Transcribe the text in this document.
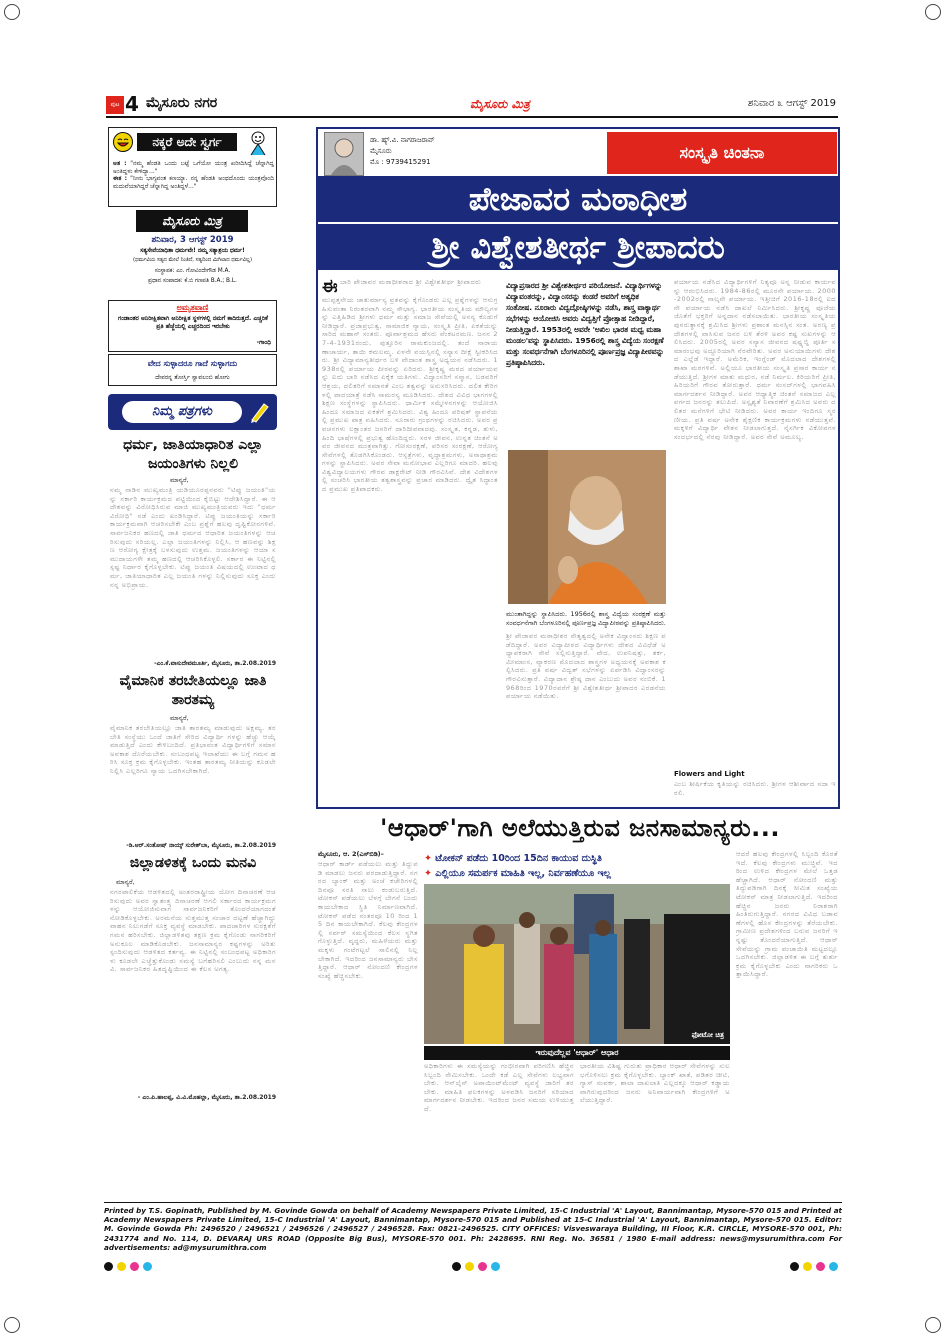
ಪುಟ 4 ಮೈಸೂರು ನಗರ	ಮೈಸೂರು ಮಿತ್ರ	ಶನಿವಾರ ೩ ಆಗಸ್ಟ್ 2019
ನಕ್ಕರೆ ಅದೇ ಸ್ವರ್ಗ
ಅತ : "ನಮ್ಮ ಹೆಂಡತಿ ಒಂದು ಬಟ್ಟೆ ಒಗೆಯೋ ಯಂತ್ರ ಖರೀದಿಸಿದ್ದೆ ಚೆನ್ನಾಗಿದ್ದ ಅಂತಿದ್ದಳು ಕೇಳಿದ್ಯಾ..."
ಈತ : "ನೀನು ಭಾಗ್ಯವಂತ ಕಣಯ್ಯಾ. ನನ್ನ ಹೆಂಡತಿ ಅಂಥದೊಂದು ಯಂತ್ರವೊಂದಿ ಮದುವೆಯಾಗಿದ್ದರೆ ಚೆನ್ನಾಗಿದ್ದ ಅಂತಿದ್ದಳೆ..."
ಮೈಸೂರು ಮಿತ್ರ
ಶನಿವಾರ, 3 ಆಗಸ್ಟ್ 2019
ಸತ್ಯಸೇವೆಯಾಧಿತಾ ಧರ್ಮವೇ! ನಮ್ಮ ಸತ್ಯಾಶ್ರಯ ಧರ್ಮ!
(ಧರ್ಮವಿಯ ಸತ್ಯದ ಮೇಲೆ ನಿಂತಿದೆ, ಸತ್ಯದಿಂದ ಮಿಗಿಲಾದ ಧರ್ಮವಿಲ್ಲ)
ಸಂಸ್ಥಾಪಕ: ಎಂ. ಗೋವಿಂದೇಗೌಡ M.A.
ಪ್ರಧಾನ ಸಂಪಾದಕ: ಕೆ.ಬಿ ಗಣಪತಿ B.A.; B.L.
ಅಮೃತವಾಣಿ
ಗಂಡಾಂತರ ಅನಿರೀಕ್ಷಿತವಾಗಿ ಅನಿರೀಕ್ಷಿತ ಸ್ಥಳಗಳಲ್ಲಿ ನಮಗೆ ಕಾದಿರುತ್ತದೆ. ಎಚ್ಚರಿಕೆ ಪ್ರತಿ ಹೆಜ್ಜೆಯಲ್ಲಿ ಎಚ್ಚರದಿಂದ ಇರಬೇಕು
-ಗಾಂಧಿ
ವೇದ ಸುಳ್ಳಾದರೂ ಗಾದೆ ಸುಳ್ಳಾಗದು
ದೇವರನ್ನ ತೋರ್ಸ್ತಿ ಸ್ವಾವಲಂಬಿ ಹೋಗು
ನಿಮ್ಮ ಪತ್ರಗಳು
ಧರ್ಮ, ಜಾತಿಯಾಧಾರಿತ ಎಲ್ಲಾ ಜಯಂತಿಗಳು ನಿಲ್ಲಲಿ
ಮಾನ್ಯರೆ,
ನಮ್ಮ ನಾಡಿನ ಮುಖ್ಯಮಂತ್ರಿ ಯಡಿಯೂರಪ್ಪನವರು "ಟಿಪ್ಪು ಜಯಂತಿ"ಯನ್ನು ಸರ್ಕಾರಿ ಕಾರ್ಯಕ್ರಮದ ಪಟ್ಟಿಯಿಂದ ಕೈಬಿಟ್ಟು ಆದೇಶಿಸಿದ್ದಾರೆ. ಈ ಆದೇಶವನ್ನು ವಿರೋಧಿಸಿರುವ ಮಾಜಿ ಮುಖ್ಯಮಂತ್ರಿಯವರು ಇದು "ಧರ್ಮ ವಿರೋಧಿ" ನಡೆ ಎಂದು ಖಂಡಿಸಿದ್ದಾರೆ. ಟಿಪ್ಪು ಜಯಂತಿಯನ್ನು ಸರ್ಕಾರಿ ಕಾರ್ಯಕ್ರಮವಾಗಿ ಆಚರಿಸಬೇಕೇ ಎಂಬ ಪ್ರಶ್ನೆಗೆ ಹಲವು ದೃಷ್ಟಿಕೋನಗಳಿವೆ. ಸಾರ್ವಜನಿಕರ ಹಣದಲ್ಲಿ ಜಾತಿ ಧರ್ಮದ ಆಧಾರಿತ ಜಯಂತಿಗಳನ್ನು ಆಚರಿಸುವುದು ಸರಿಯಲ್ಲ. ಎಲ್ಲಾ ಜಯಂತಿಗಳನ್ನು ನಿಲ್ಲಿಸಿ, ಆ ಹಣವನ್ನು ಶಿಕ್ಷಣ ಆರೋಗ್ಯ ಕ್ಷೇತ್ರಕ್ಕೆ ಬಳಸುವುದು ಉತ್ತಮ. ಜಯಂತಿಗಳನ್ನು ಆಯಾ ಸಮುದಾಯಗಳೇ ತಮ್ಮ ಹಣದಲ್ಲಿ ಆಚರಿಸಿಕೊಳ್ಳಲಿ. ಸರ್ಕಾರ ಈ ನಿಟ್ಟಿನಲ್ಲಿ ಸ್ಪಷ್ಟ ನಿರ್ಧಾರ ಕೈಗೊಳ್ಳಬೇಕು. ಟಿಪ್ಪು ಜಯಂತಿ ವಿಷಯದಲ್ಲಿ ಉಂಟಾದ ಧರ್ಮ, ಜಾತಿಯಾಧಾರಿತ ಎಲ್ಲ ಜಯಂತಿ ಗಳನ್ನು ನಿಲ್ಲಿಸುವುದು ಸೂಕ್ತ ಎಂದು ನನ್ನ ಅಭಿಪ್ರಾಯ.
-ಎಂ.ಕೆ.ವಾಸುದೇವಮೂರ್ತಿ, ಮೈಸೂರು, ತಾ.2.08.2019
ವೈಮಾನಿಕ ತರಬೇತಿಯಲ್ಲೂ ಜಾತಿ ತಾರತಮ್ಯ
ಮಾನ್ಯರೆ,
ವೈಮಾನಿಕ ತರಬೇತಿಯಲ್ಲೂ ಜಾತಿ ತಾರತಮ್ಯ ಮಾಡುವುದು ಅಕ್ಷಮ್ಯ. ತರಬೇತಿ ಸಂಸ್ಥೆಯು ಒಂದೆ ಜಾತಿಗೆ ಸೇರಿದ ವಿದ್ಯಾರ್ಥಿ ಗಳನ್ನು ಹೆಚ್ಚು ಆಯ್ಕೆ ಮಾಡುತ್ತಿದೆ ಎಂದು ಕೇಳಿಬಂದಿದೆ. ಪ್ರತಿಭಾವಂತ ವಿದ್ಯಾರ್ಥಿಗಳಿಗೆ ಸಮಾನ ಅವಕಾಶ ದೊರೆಯಬೇಕು. ಸಂಬಂಧಪಟ್ಟ ಇಲಾಖೆಯು ಈ ಬಗ್ಗೆ ಗಮನ ಹರಿಸಿ ಸೂಕ್ತ ಕ್ರಮ ಕೈಗೊಳ್ಳಬೇಕು. ಇಂತಹ ತಾರತಮ್ಯ ನೀತಿಯನ್ನು ಕೂಡಲೇ ನಿಲ್ಲಿಸಿ ಎಲ್ಲರಿಗೂ ನ್ಯಾಯ ಒದಗಿಸಬೇಕಾಗಿದೆ.
-ಡಿ.ಆರ್.ಸಂತೋಷ್ ನಾಯ್ಕ್ ಸುರೇಶ್‌ಬಾ, ಮೈಸೂರು, ತಾ.2.08.2019
ಜಿಲ್ಲಾಡಳಿತಕ್ಕೆ ಒಂದು ಮನವಿ
ಮಾನ್ಯರೆ,
ನಗರಪಾಲಿಕೆಯ ಆಡಳಿತದಲ್ಲಿ ಅಂತರರಾಷ್ಟ್ರೀಯ ಯೋಗ ದಿನಾಚರಣೆ ಆಚರಿಸುವುದು ಅವರ ಸ್ವಾತಂತ್ರ್ಯ ದಿನಾಚರಣೆ ಆಗಲಿ ಸರ್ಕಾರದ ಕಾರ್ಯಕ್ರಮಗಳನ್ನು ಆಯೋಜಿಸುವಾಗ ಸಾರ್ವಜನಿಕರಿಗೆ ತೊಂದರೆಯಾಗದಂತೆ ನೋಡಿಕೊಳ್ಳಬೇಕು. ಅರಮನೆಯ ಸುತ್ತಮುತ್ತ ಸಂಚಾರ ದಟ್ಟಣೆ ಹೆಚ್ಚಾಗಿದ್ದು ವಾಹನ ನಿಲುಗಡೆಗೆ ಸೂಕ್ತ ವ್ಯವಸ್ಥೆ ಮಾಡಬೇಕು. ಪಾದಚಾರಿಗಳ ಸುರಕ್ಷತೆಗೆ ಗಮನ ಹರಿಸಬೇಕು. ಜಿಲ್ಲಾಡಳಿತವು ತಕ್ಷಣ ಕ್ರಮ ಕೈಗೊಂಡು ನಾಗರಿಕರಿಗೆ ಅನುಕೂಲ ಮಾಡಿಕೊಡಬೇಕು. ಜನಸಾಮಾನ್ಯರ ಕಷ್ಟಗಳನ್ನು ಅರಿತು ಸ್ಪಂದಿಸುವುದು ಆಡಳಿತದ ಕರ್ತವ್ಯ. ಈ ನಿಟ್ಟಿನಲ್ಲಿ ಸಂಬಂಧಪಟ್ಟ ಅಧಿಕಾರಿಗಳು ಕೂಡಲೇ ಎಚ್ಚೆತ್ತುಕೊಂಡು ಸಮಸ್ಯೆ ಬಗೆಹರಿಸಲಿ ಎಂಬುದು ನನ್ನ ಮನವಿ. ಸಾರ್ವಜನಿಕರ ಹಿತದೃಷ್ಟಿಯಿಂದ ಈ ಕೆಲಸ ಅಗತ್ಯ.
- ಎಂ.ಪಿ.ಹಾಲಪ್ಪ, ವಿ.ವಿ.ಮೊಹಲ್ಲಾ, ಮೈಸೂರು, ತಾ.2.08.2019
ಡಾ. ಹ್ಯ್.ವಿ. ನಾಗರಾಜರಾವ್
ಮೈಸೂರು
ಮೊ : 9739415291	ಸಂಸ್ಕೃತಿ ಚಿಂತನಾ
ಪೇಜಾವರ ಮಠಾಧೀಶ
ಶ್ರೀ ವಿಶ್ವೇಶತೀರ್ಥ ಶ್ರೀಪಾದರು
ಈ ಬಾರಿ ಪೇಜಾವರ ಮಠಾಧೀಶರಾದ ಶ್ರೀ ವಿಶ್ವೇಶತೀರ್ಥ ಶ್ರೀಪಾದರು
ಮುಪ್ಪತ್ತನೇಯ ಚಾತುರ್ಮಾಸ್ಯ ವ್ರತವನ್ನು ಕೈಗೊಂಡರು ಎಲ್ಲ ಪ್ರಶ್ನೆಗಳನ್ನು ಆನುಗ್ರಹಿಸುವಂತಾ ನಿರಂತರವಾಗಿ ನಮ್ಮ ಸೌಭಾಗ್ಯ. ಭಾರತೀಯ ಸಂಸ್ಕೃತಿಯ ಮೌಲ್ಯಗಳನ್ನು ಎತ್ತಿಹಿಡಿದ ಶ್ರೀಗಳು ಧರ್ಮ ಮತ್ತು ಸಮಾಜ ಸೇವೆಯಲ್ಲಿ ಅನನ್ಯ ಕೊಡುಗೆ ನೀಡಿದ್ದಾರೆ. ಪ್ರಜಾಪ್ರಭುತ್ವ, ಸಾಮಾಜಿಕ ನ್ಯಾಯ, ಸಂಸ್ಕೃತಿ ಪ್ರೀತಿ, ಏಕತೆಯನ್ನು ಸಾರಿದ ಮಹಾನ್ ಸಂತರು. ಪೂರ್ವಾಶ್ರಮದ ಹೆಸರು ವೆಂಕಟರಮಣ. ಜನನ 27-4-1931ರಂದು, ಪುತ್ತೂರಿನ ರಾಮಕುಂಜದಲ್ಲಿ. ತಂದೆ ನಾರಾಯಣಾಚಾರ್ಯ, ತಾಯಿ ಕಮಲಮ್ಮ. ಏಳನೇ ವಯಸ್ಸಿನಲ್ಲಿ ಸನ್ಯಾಸ ದೀಕ್ಷೆ ಸ್ವೀಕರಿಸಿದರು. ಶ್ರೀ ವಿದ್ಯಾಮಾನ್ಯತೀರ್ಥರ ಬಳಿ ವೇದಾಂತ ಶಾಸ್ತ್ರ ಅಧ್ಯಯನ ನಡೆಸಿದರು. 1938ರಲ್ಲಿ ಪರ್ಯಾಯ ಪೀಠವನ್ನು ಏರಿದರು. ಶ್ರೀಕೃಷ್ಣ ಮಠದ ಪರ್ಯಾಯವನ್ನು ಐದು ಬಾರಿ ನಡೆಸಿದ ಏಕೈಕ ಯತಿಗಳು. ವಿದ್ವಾಂಸರಿಗೆ ಸನ್ಮಾನ, ಬಡವರಿಗೆ ಆಶ್ರಯ, ದಲಿತರಿಗೆ ಸಮಾನತೆ ಎಂಬ ತತ್ವವನ್ನು ಅನುಸರಿಸಿದರು. ದಲಿತ ಕೇರಿಗಳಲ್ಲಿ ಪಾದಯಾತ್ರೆ ನಡೆಸಿ ಸಾಮರಸ್ಯ ಮೂಡಿಸಿದರು. ದೇಶದ ವಿವಿಧ ಭಾಗಗಳಲ್ಲಿ ಶಿಕ್ಷಣ ಸಂಸ್ಥೆಗಳನ್ನು ಸ್ಥಾಪಿಸಿದರು. ಧಾರ್ಮಿಕ ಸಮ್ಮೇಳನಗಳನ್ನು ಆಯೋಜಿಸಿ ಹಿಂದೂ ಸಮಾಜದ ಏಕತೆಗೆ ಶ್ರಮಿಸಿದರು. ವಿಶ್ವ ಹಿಂದೂ ಪರಿಷತ್ ಸ್ಥಾಪನೆಯಲ್ಲಿ ಪ್ರಮುಖ ಪಾತ್ರ ವಹಿಸಿದರು. ನೂರಾರು ಗ್ರಂಥಗಳನ್ನು ರಚಿಸಿದರು. ಅವರ ಪ್ರವಚನಗಳು ಲಕ್ಷಾಂತರ ಜನರಿಗೆ ದಾರಿದೀಪವಾದವು. ಸಂಸ್ಕೃತ, ಕನ್ನಡ, ತುಳು, ಹಿಂದಿ ಭಾಷೆಗಳಲ್ಲಿ ಪ್ರಭುತ್ವ ಹೊಂದಿದ್ದರು. ಸರಳ ಜೀವನ, ಉನ್ನತ ಚಿಂತನೆ ಅವರ ಜೀವನದ ಮಂತ್ರವಾಗಿತ್ತು. ಗೋಸಂರಕ್ಷಣೆ, ಪರಿಸರ ಸಂರಕ್ಷಣೆ, ಆರೋಗ್ಯ ಸೇವೆಗಳಲ್ಲಿ ತೊಡಗಿಸಿಕೊಂಡರು. ಆಸ್ಪತ್ರೆಗಳು, ವೃದ್ಧಾಶ್ರಮಗಳು, ಅನಾಥಾಶ್ರಮಗಳನ್ನು ಸ್ಥಾಪಿಸಿದರು. ಅವರ ಸೇವಾ ಮನೋಭಾವ ಎಲ್ಲರಿಗೂ ಮಾದರಿ. ಹಲವು ವಿಶ್ವವಿದ್ಯಾಲಯಗಳು ಗೌರವ ಡಾಕ್ಟರೇಟ್ ನೀಡಿ ಗೌರವಿಸಿವೆ. ದೇಶ ವಿದೇಶಗಳಲ್ಲಿ ಸಂಚರಿಸಿ ಭಾರತೀಯ ತತ್ವಶಾಸ್ತ್ರವನ್ನು ಪ್ರಚಾರ ಮಾಡಿದರು. ದ್ವೈತ ಸಿದ್ಧಾಂತದ ಪ್ರಮುಖ ಪ್ರತಿಪಾದಕರು.
ವಿದ್ಯಾಪ್ರಸಾರದ ಶ್ರೀ ವಿಶ್ವೇಶತೀರ್ಥರ ಪರಿಯೋಜನೆ. ವಿದ್ಯಾರ್ಥಿಗಳನ್ನು ವಿದ್ಯಾವಂತರನ್ನು, ವಿದ್ವಾಂಸರನ್ನು ಕಂಡರೆ ಅವರಿಗೆ ಅತ್ಯಧಿಕ ಸಂತೋಷ. ನೂರಾರು ವಿದ್ವದ್ಗೋಷ್ಠಿಗಳನ್ನು ನಡೆಸಿ, ಶಾಸ್ತ್ರ ವಾಕ್ಯಾರ್ಥ ಸಭೆಗಳನ್ನು ಆಯೋಜಿಸಿ ಅವರು ವಿದ್ವತ್ತಿಗೆ ಪ್ರೋತ್ಸಾಹ ನೀಡಿದ್ದಾರೆ, ನೀಡುತ್ತಿದ್ದಾರೆ. 1953ರಲ್ಲಿ ಅವರೇ 'ಅಖಿಲ ಭಾರತ ಮಧ್ವ ಮಹಾ ಮಂಡಲ'ವನ್ನು ಸ್ಥಾಪಿಸಿದರು. 1956ರಲ್ಲಿ ಶಾಸ್ತ್ರ ವಿದ್ಯೆಯ ಸಂರಕ್ಷಣೆ ಮತ್ತು ಸಂವರ್ಧನೆಗಾಗಿ ಬೆಂಗಳೂರಿನಲ್ಲಿ ಪೂರ್ಣಪ್ರಜ್ಞ ವಿದ್ಯಾಪೀಠವನ್ನು ಪ್ರತಿಷ್ಠಾಪಿಸಿದರು.
ಮುಂತಾಗಿದ್ದನ್ನು ಸ್ಥಾಪಿಸಿದರು. 1956ರಲ್ಲಿ ಶಾಸ್ತ್ರ ವಿದ್ಯೆಯ ಸಂರಕ್ಷಣೆ ಮತ್ತು ಸಂವರ್ಧನೆಗಾಗಿ ಬೆಂಗಳೂರಿನಲ್ಲಿ ಪೂರ್ಣಪ್ರಜ್ಞ ವಿದ್ಯಾಪೀಠವನ್ನು ಪ್ರತಿಷ್ಠಾಪಿಸಿದರು.
ಶ್ರೀ ಪೇಜಾವರ ಮಠಾಧೀಶರ ನೇತೃತ್ವದಲ್ಲಿ ಅನೇಕ ವಿದ್ವಾಂಸರು ಶಿಕ್ಷಣ ಪಡೆದಿದ್ದಾರೆ. ಅವರ ವಿದ್ಯಾಪೀಠದ ವಿದ್ಯಾರ್ಥಿಗಳು ದೇಶದ ವಿವಿಧೆಡೆ ಅಧ್ಯಾಪಕರಾಗಿ ಸೇವೆ ಸಲ್ಲಿಸುತ್ತಿದ್ದಾರೆ. ವೇದ, ಉಪನಿಷತ್ತು, ತರ್ಕ, ಮೀಮಾಂಸ, ವ್ಯಾಕರಣ ಮೊದಲಾದ ಶಾಸ್ತ್ರಗಳ ಅಧ್ಯಯನಕ್ಕೆ ಅವಕಾಶ ಕಲ್ಪಿಸಿದರು. ಪ್ರತಿ ವರ್ಷ ವಿದ್ವತ್ ಸಭೆಗಳನ್ನು ಏರ್ಪಡಿಸಿ ವಿದ್ವಾಂಸರನ್ನು ಗೌರವಿಸುತ್ತಾರೆ. ವಿದ್ಯಾದಾನ ಶ್ರೇಷ್ಠ ದಾನ ಎಂಬುದು ಅವರ ನಂಬಿಕೆ. 1968ರಿಂದ 1970ರವರೆಗೆ ಶ್ರೀ ವಿಶ್ವೇಶತೀರ್ಥ ಶ್ರೀಪಾದರ ಎರಡನೆಯ ಪರ್ಯಾಯ ನಡೆಯಿತು.
ಪರ್ಯಾಯ ನಡೆಸಿದ ವಿದ್ಯಾರ್ಥಿಗಳಿಗೆ ನಿತ್ಯವೂ ಅನ್ನ ನೀಡುವ ಕಾರ್ಯವನ್ನು ಆರಂಭಿಸಿದರು. 1984-86ರಲ್ಲಿ ಮೂರನೇ ಪರ್ಯಾಯ. 2000-2002ರಲ್ಲಿ ನಾಲ್ಕನೇ ಪರ್ಯಾಯ. ಇತ್ತೀಚಿಗೆ 2016-18ರಲ್ಲಿ ಐದನೇ ಪರ್ಯಾಯ ನಡೆಸಿ ದಾಖಲೆ ನಿರ್ಮಿಸಿದರು. ಶ್ರೀಕೃಷ್ಣ ಪೂಜೆಯ ಜೊತೆಗೆ ಭಕ್ತರಿಗೆ ಅನ್ನದಾನ ನಡೆಸಲಾಯಿತು. ಭಾರತೀಯ ಸಂಸ್ಕೃತಿಯ ಪುನರುತ್ಥಾನಕ್ಕೆ ಶ್ರಮಿಸಿದ ಶ್ರೀಗಳು ಪ್ರಶಾಂತ ಮನಸ್ಸಿನ ಸಂತ. ಅರಣ್ಯ ಪ್ರದೇಶಗಳಲ್ಲಿ ವಾಸಿಸುವ ಜನರ ಬಳಿ ತೆರಳಿ ಅವರ ಕಷ್ಟ ಸುಖಗಳನ್ನು ಆಲಿಸಿದರು. 2005ರಲ್ಲಿ ಅವರ ಸನ್ಯಾಸ ಜೀವನದ ಷಷ್ಟ್ಯಬ್ದಿ ಪೂರ್ತಿ ಸಮಾರಂಭವು ಅದ್ದೂರಿಯಾಗಿ ನೆರವೇರಿತು. ಅವರ ಅನುಯಾಯಿಗಳು ದೇಶದ ಎಲ್ಲೆಡೆ ಇದ್ದಾರೆ. ಅಮೆರಿಕ, ಇಂಗ್ಲೆಂಡ್ ಮೊದಲಾದ ದೇಶಗಳಲ್ಲಿ ಶಾಖಾ ಮಠಗಳಿವೆ. ಅಲ್ಲಿಯೂ ಭಾರತೀಯ ಸಂಸ್ಕೃತಿ ಪ್ರಸಾರ ಕಾರ್ಯ ನಡೆಯುತ್ತಿದೆ. ಶ್ರೀಗಳ ಮಾತು ಮಧುರ, ನಡೆ ನಿರ್ಮಲ. ಕಿರಿಯರಿಗೆ ಪ್ರೀತಿ, ಹಿರಿಯರಿಗೆ ಗೌರವ ತೋರುತ್ತಾರೆ. ಧರ್ಮ ಸಂಸದ್‌ಗಳಲ್ಲಿ ಭಾಗವಹಿಸಿ ಮಾರ್ಗದರ್ಶನ ನೀಡಿದ್ದಾರೆ. ಅವರ ಆಧ್ಯಾತ್ಮಿಕ ಚಿಂತನೆ ಸಮಾಜದ ಎಲ್ಲ ವರ್ಗದ ಜನರನ್ನು ತಲುಪಿದೆ. ಅಸ್ಪೃಶ್ಯತೆ ನಿವಾರಣೆಗೆ ಶ್ರಮಿಸಿದ ಅವರು ದಲಿತರ ಮನೆಗಳಿಗೆ ಭೇಟಿ ನೀಡಿದರು. ಅವರ ಕಾರ್ಯ ಇಂದಿಗೂ ಸ್ಮರಣೀಯ. ಪ್ರತಿ ವರ್ಷ ಅನೇಕ ಶೈಕ್ಷಣಿಕ ಕಾರ್ಯಕ್ರಮಗಳು ನಡೆಯುತ್ತವೆ. ಮಕ್ಕಳಿಗೆ ವಿದ್ಯಾರ್ಥಿ ವೇತನ ನೀಡಲಾಗುತ್ತದೆ. ನೈಸರ್ಗಿಕ ವಿಕೋಪಗಳ ಸಂದರ್ಭದಲ್ಲಿ ನೆರವು ನೀಡಿದ್ದಾರೆ. ಅವರ ಸೇವೆ ಅಮೂಲ್ಯ.
Flowers and Light
ಎಂಬ ಶೀರ್ಷಿಕೆಯ ಕೃತಿಯನ್ನು ರಚಿಸಿದರು. ಶ್ರೀಗಳ ಆಶೀರ್ವಾದ ಸದಾ ಇರಲಿ.
'ಆಧಾರ್'ಗಾಗಿ ಅಲೆಯುತ್ತಿರುವ ಜನಸಾಮಾನ್ಯರು...
ಮೈಸೂರು, ಆ. 2(ಎಸ್‌ಬಿಡಿ)–
ಆಧಾರ್ ಕಾರ್ಡ್ ಪಡೆಯಲು ಮತ್ತು ತಿದ್ದುಪಡಿ ಮಾಡಲು ಜನರು ಪರದಾಡುತ್ತಿದ್ದಾರೆ. ನಗರದ ಬ್ಯಾಂಕ್ ಮತ್ತು ಅಂಚೆ ಕಚೇರಿಗಳಲ್ಲಿ ದಿನವೂ ಸರತಿ ಸಾಲು ಕಂಡುಬರುತ್ತಿದೆ. ಟೋಕನ್ ಪಡೆಯಲು ಬೆಳಗ್ಗೆ ಬೇಗನೆ ಬಂದು ಕಾಯಬೇಕಾದ ಸ್ಥಿತಿ ನಿರ್ಮಾಣವಾಗಿದೆ. ಟೋಕನ್ ಪಡೆದ ನಂತರವೂ 10 ರಿಂದ 15 ದಿನ ಕಾಯಬೇಕಾಗಿದೆ. ಕೆಲವು ಕೇಂದ್ರಗಳಲ್ಲಿ ಸರ್ವರ್ ಸಮಸ್ಯೆಯಿಂದ ಕೆಲಸ ಸ್ಥಗಿತಗೊಳ್ಳುತ್ತಿದೆ. ವೃದ್ಧರು, ಮಹಿಳೆಯರು ಮತ್ತು ಮಕ್ಕಳು ಗಂಟೆಗಟ್ಟಲೆ ಸಾಲಿನಲ್ಲಿ ನಿಲ್ಲಬೇಕಾಗಿದೆ. ಇದರಿಂದ ಜನಸಾಮಾನ್ಯರು ಬೇಸತ್ತಿದ್ದಾರೆ. ಆಧಾರ್ ನೋಂದಣಿ ಕೇಂದ್ರಗಳ ಸಂಖ್ಯೆ ಹೆಚ್ಚಿಸಬೇಕು.
✦ ಟೋಕನ್ ಪಡೆದು 10ರಿಂದ 15ದಿನ ಕಾಯುವ ದುಸ್ಥಿತಿ
✦ ಎಲ್ಲಿಯೂ ಸಮರ್ಪಕ ಮಾಹಿತಿ ಇಲ್ಲ, ನಿರ್ವಹಣೆಯೂ ಇಲ್ಲ
ಫೋಟೋ ಚಿತ್ರ
ಇರುವುದೆಲ್ಲವ 'ಆಧಾರ್' ಆಧಾರ
ಅಧಿಕಾರಿಗಳು ಈ ಸಮಸ್ಯೆಯನ್ನು ಗಂಭೀರವಾಗಿ ಪರಿಗಣಿಸಿ ಹೆಚ್ಚಿನ ಸಿಬ್ಬಂದಿ ನೇಮಿಸಬೇಕು. ಒಂದೇ ಕಡೆ ಎಲ್ಲ ಸೇವೆಗಳು ಲಭ್ಯವಾಗಬೇಕು. ಆನ್‌ಲೈನ್ ಅಪಾಯಿಂಟ್‌ಮೆಂಟ್ ವ್ಯವಸ್ಥೆ ಜಾರಿಗೆ ತರಬೇಕು. ಮಾಹಿತಿ ಫಲಕಗಳನ್ನು ಅಳವಡಿಸಿ ಜನರಿಗೆ ಸರಿಯಾದ ಮಾರ್ಗದರ್ಶನ ನೀಡಬೇಕು. ಇದರಿಂದ ಜನರ ಸಮಯ ಉಳಿಯುತ್ತದೆ.
ಭಾರತೀಯ ವಿಶಿಷ್ಟ ಗುರುತು ಪ್ರಾಧಿಕಾರ ಆಧಾರ್ ಸೇವೆಗಳನ್ನು ಸುಲಭಗೊಳಿಸಲು ಕ್ರಮ ಕೈಗೊಳ್ಳಬೇಕು. ಬ್ಯಾಂಕ್ ಖಾತೆ, ಪಡಿತರ ಚೀಟಿ, ಗ್ಯಾಸ್ ಸಂಪರ್ಕ, ಶಾಲಾ ದಾಖಲಾತಿ ಎಲ್ಲದಕ್ಕೂ ಆಧಾರ್ ಕಡ್ಡಾಯವಾಗಿರುವುದರಿಂದ ಜನರು ಅನಿವಾರ್ಯವಾಗಿ ಕೇಂದ್ರಗಳಿಗೆ ಅಲೆಯುತ್ತಿದ್ದಾರೆ.
ಆದರೆ ಹಲವು ಕೇಂದ್ರಗಳಲ್ಲಿ ಸಿಬ್ಬಂದಿ ಕೊರತೆ ಇದೆ. ಕೆಲವು ಕೇಂದ್ರಗಳು ಮುಚ್ಚಿವೆ. ಇದರಿಂದ ಉಳಿದ ಕೇಂದ್ರಗಳ ಮೇಲೆ ಒತ್ತಡ ಹೆಚ್ಚಾಗಿದೆ. ಆಧಾರ್ ನೋಂದಣಿ ಮತ್ತು ತಿದ್ದುಪಡಿಗಾಗಿ ದಿನಕ್ಕೆ ಸೀಮಿತ ಸಂಖ್ಯೆಯ ಟೋಕನ್ ಮಾತ್ರ ನೀಡಲಾಗುತ್ತಿದೆ. ಇದರಿಂದ ಹೆಚ್ಚಿನ ಜನರು ನಿರಾಶರಾಗಿ ಹಿಂತಿರುಗುತ್ತಿದ್ದಾರೆ. ನಗರದ ವಿವಿಧ ಬಡಾವಣೆಗಳಲ್ಲಿ ಹೊಸ ಕೇಂದ್ರಗಳನ್ನು ತೆರೆಯಬೇಕು. ಗ್ರಾಮೀಣ ಪ್ರದೇಶಗಳಿಂದ ಬರುವ ಜನರಿಗೆ ಇನ್ನಷ್ಟು ತೊಂದರೆಯಾಗುತ್ತಿದೆ. ಆಧಾರ್ ಸೇವೆಯನ್ನು ಗ್ರಾಮ ಪಂಚಾಯಿತಿ ಮಟ್ಟದಲ್ಲೂ ಒದಗಿಸಬೇಕು. ಜಿಲ್ಲಾಡಳಿತ ಈ ಬಗ್ಗೆ ತುರ್ತು ಕ್ರಮ ಕೈಗೊಳ್ಳಬೇಕು ಎಂದು ನಾಗರಿಕರು ಒತ್ತಾಯಿಸಿದ್ದಾರೆ.
Printed by T.S. Gopinath, Published by M. Govinde Gowda on behalf of Academy Newspapers Private Limited, 15-C Industrial 'A' Layout, Bannimantap, Mysore-570 015 and Printed at Academy Newspapers Private Limited, 15-C Industrial 'A' Layout, Bannimantap, Mysore-570 015 and Published at 15-C Industrial 'A' Layout, Bannimantap, Mysore-570 015. Editor: M. Govinde Gowda Ph: 2496520 / 2496521 / 2496526 / 2496527 / 2496528. Fax: 0821-2496525. CITY OFFICES: Visveswaraya Building, III Floor, K.R. CIRCLE, MYSORE-570 001, Ph: 2431774 and No. 114, D. DEVARAJ URS ROAD (Opposite Big Bus), MYSORE-570 001. Ph: 2428695. RNI Reg. No. 36581 / 1980 E-mail address: news@mysurumithra.com For advertisements: ad@mysurumithra.com
